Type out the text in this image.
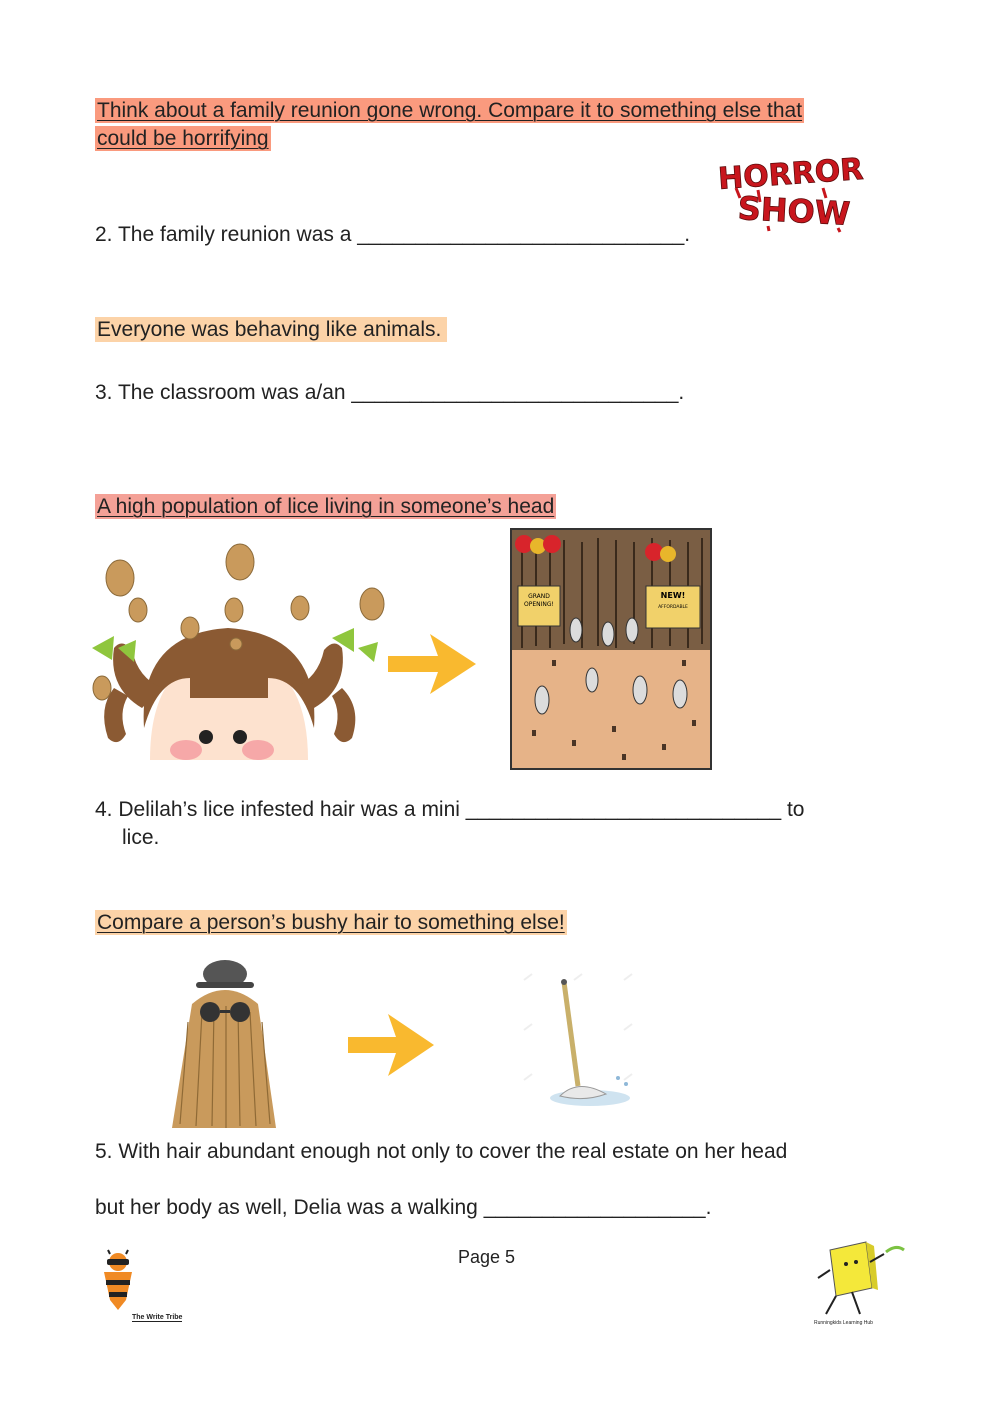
Think about a family reunion gone wrong. Compare it to something else that
could be horrifying
HORROR
SHOW
2. The family reunion was a ____________________________.
Everyone was behaving like animals.
3. The classroom was a/an ____________________________.
A high population of lice living in someone’s head
GRAND
OPENING!
NEW!
AFFORDABLE
4. Delilah’s lice infested hair was a mini ___________________________ to
lice.
Compare a person’s bushy hair to something else!
5. With hair abundant enough not only to cover the real estate on her head
but her body as well, Delia was a walking ___________________.
Page 5
The Write Tribe
Runningkids Learning Hub
